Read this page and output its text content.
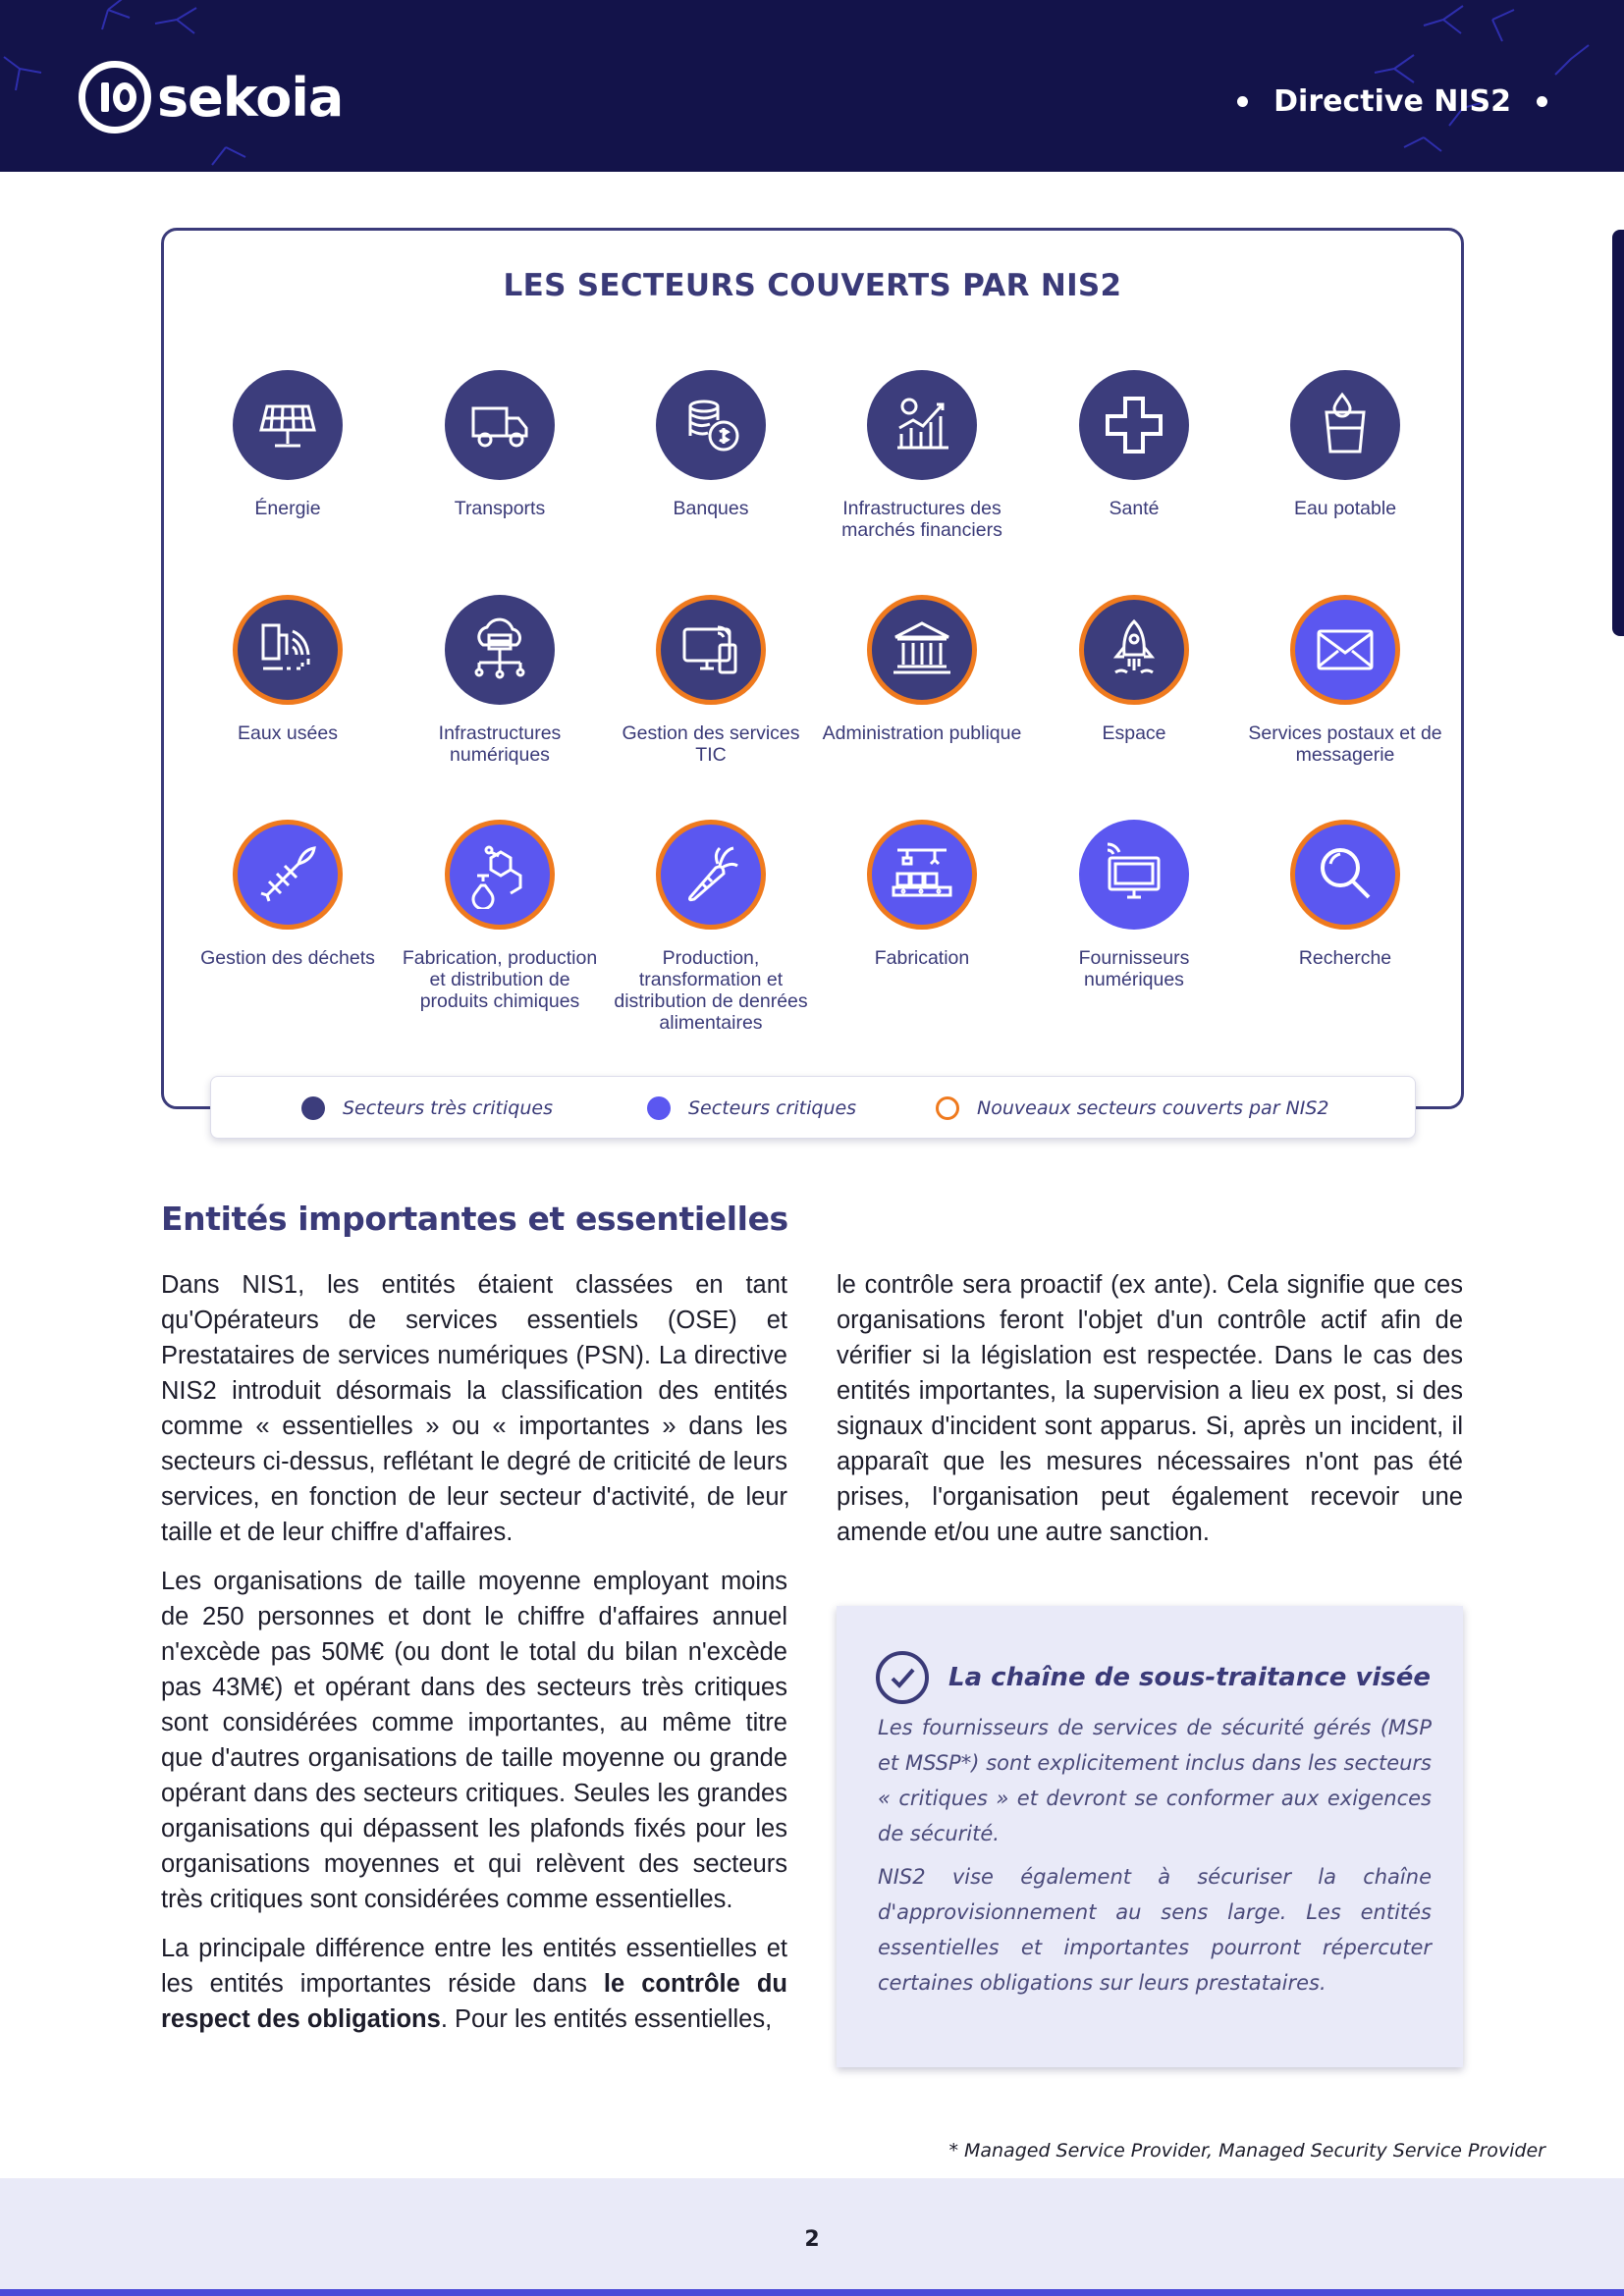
sekoia	Directive NIS2
LES SECTEURS COUVERTS PAR NIS2
Énergie	Transports	Banques	Infrastructures des marchés financiers
Santé	Eau potable
Eaux usées	Infrastructures numériques
Gestion des services TIC
Administration publique	Espace	Services postaux et de messagerie
Gestion des déchets	Fabrication, production et distribution de produits chimiques
Production, transformation et distribution de denrées alimentaires
Fabrication	Fournisseurs numériques
Recherche
Secteurs très critiques	Secteurs critiques	Nouveaux secteurs couverts par NIS2
Entités importantes et essentielles

Dans NIS1, les entités étaient classées en tant qu'Opérateurs de services essentiels (OSE) et Prestataires de services numériques (PSN). La directive NIS2 introduit désormais la classification des entités comme « essentielles » ou « importantes » dans les secteurs ci-dessus, reflétant le degré de criticité de leurs services, en fonction de leur secteur d'activité, de leur taille et de leur chiffre d'affaires.

Les organisations de taille moyenne employant moins de 250 personnes et dont le chiffre d'affaires annuel n'excède pas 50M€ (ou dont le total du bilan n'excède pas 43M€) et opérant dans des secteurs très critiques sont considérées comme importantes, au même titre que d'autres organisations de taille moyenne ou grande opérant dans des secteurs critiques. Seules les grandes organisations qui dépassent les plafonds fixés pour les organisations moyennes et qui relèvent des secteurs très critiques sont considérées comme essentielles.

La principale différence entre les entités essentielles et les entités importantes réside dans le contrôle du respect des obligations. Pour les entités essentielles,

le contrôle sera proactif (ex ante). Cela signifie que ces organisations feront l'objet d'un contrôle actif afin de vérifier si la législation est respectée. Dans le cas des entités importantes, la supervision a lieu ex post, si des signaux d'incident sont apparus. Si, après un incident, il apparaît que les mesures nécessaires n'ont pas été prises, l'organisation peut également recevoir une amende et/ou une autre sanction.

La chaîne de sous-traitance visée

Les fournisseurs de services de sécurité gérés (MSP et MSSP*) sont explicitement inclus dans les secteurs « critiques » et devront se conformer aux exigences de sécurité.

NIS2 vise également à sécuriser la chaîne d'approvisionnement au sens large. Les entités essentielles et importantes pourront répercuter certaines obligations sur leurs prestataires.

* Managed Service Provider, Managed Security Service Provider
2
